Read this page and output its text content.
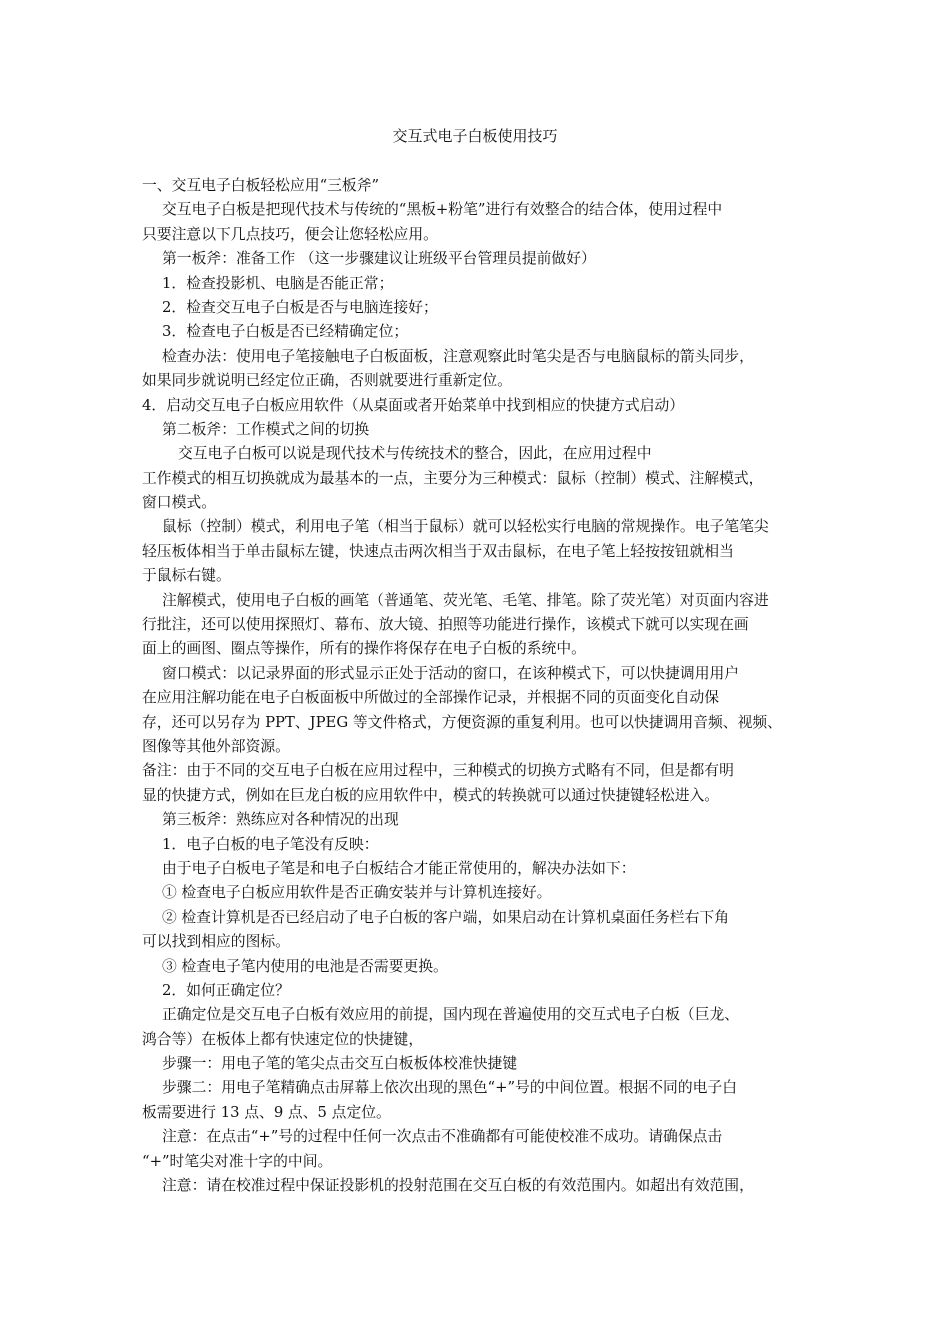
交互式电子白板使用技巧
一、交互电子白板轻松应用“三板斧”
交互电子白板是把现代技术与传统的“黑板+粉笔”进行有效整合的结合体，使用过程中
只要注意以下几点技巧，便会让您轻松应用。
第一板斧：准备工作 （这一步骤建议让班级平台管理员提前做好）
1．检查投影机、电脑是否能正常；
2．检查交互电子白板是否与电脑连接好；
3．检查电子白板是否已经精确定位；
检查办法：使用电子笔接触电子白板面板，注意观察此时笔尖是否与电脑鼠标的箭头同步，
如果同步就说明已经定位正确，否则就要进行重新定位。
4．启动交互电子白板应用软件（从桌面或者开始菜单中找到相应的快捷方式启动）
第二板斧：工作模式之间的切换
交互电子白板可以说是现代技术与传统技术的整合，因此，在应用过程中
工作模式的相互切换就成为最基本的一点，主要分为三种模式：鼠标（控制）模式、注解模式，
窗口模式。
鼠标（控制）模式，利用电子笔（相当于鼠标）就可以轻松实行电脑的常规操作。电子笔笔尖
轻压板体相当于单击鼠标左键，快速点击两次相当于双击鼠标，在电子笔上轻按按钮就相当
于鼠标右键。
注解模式，使用电子白板的画笔（普通笔、荧光笔、毛笔、排笔。除了荧光笔）对页面内容进
行批注，还可以使用探照灯、幕布、放大镜、拍照等功能进行操作，该模式下就可以实现在画
面上的画图、圈点等操作，所有的操作将保存在电子白板的系统中。
窗口模式：以记录界面的形式显示正处于活动的窗口，在该种模式下，可以快捷调用用户
在应用注解功能在电子白板面板中所做过的全部操作记录，并根据不同的页面变化自动保
存，还可以另存为 PPT、JPEG 等文件格式，方便资源的重复利用。也可以快捷调用音频、视频、
图像等其他外部资源。
备注：由于不同的交互电子白板在应用过程中，三种模式的切换方式略有不同，但是都有明
显的快捷方式，例如在巨龙白板的应用软件中，模式的转换就可以通过快捷键轻松进入。
第三板斧：熟练应对各种情况的出现
1．电子白板的电子笔没有反映：
由于电子白板电子笔是和电子白板结合才能正常使用的，解决办法如下：
① 检查电子白板应用软件是否正确安装并与计算机连接好。
② 检查计算机是否已经启动了电子白板的客户端，如果启动在计算机桌面任务栏右下角
可以找到相应的图标。
③ 检查电子笔内使用的电池是否需要更换。
2．如何正确定位？
正确定位是交互电子白板有效应用的前提，国内现在普遍使用的交互式电子白板（巨龙、
鸿合等）在板体上都有快速定位的快捷键，
步骤一：用电子笔的笔尖点击交互白板板体校准快捷键
步骤二：用电子笔精确点击屏幕上依次出现的黑色“+”号的中间位置。根据不同的电子白
板需要进行 13 点、9 点、5 点定位。
注意：在点击“+”号的过程中任何一次点击不准确都有可能使校准不成功。请确保点击
“+”时笔尖对准十字的中间。
注意：请在校准过程中保证投影机的投射范围在交互白板的有效范围内。如超出有效范围，
